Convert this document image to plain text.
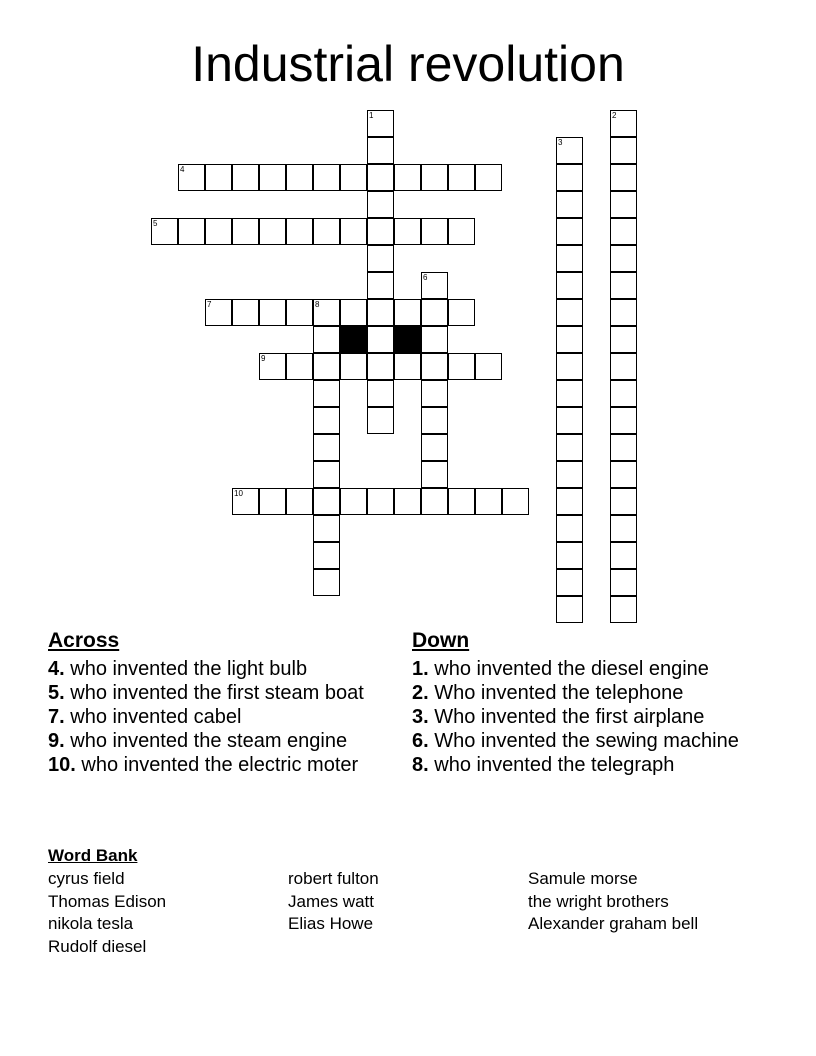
Industrial revolution
1	2
3
4
5
6
7	8
9
10
Across
4. who invented the light bulb
5. who invented the first steam boat
7. who invented cabel
9. who invented the steam engine
10. who invented the electric moter
Down
1. who invented the diesel engine
2. Who invented the telephone
3. Who invented the first airplane
6. Who invented the sewing machine
8. who invented the telegraph
Word Bank
cyrus field
Thomas Edison
nikola tesla
Rudolf diesel
robert fulton
James watt
Elias Howe
Samule morse
the wright brothers
Alexander graham bell
